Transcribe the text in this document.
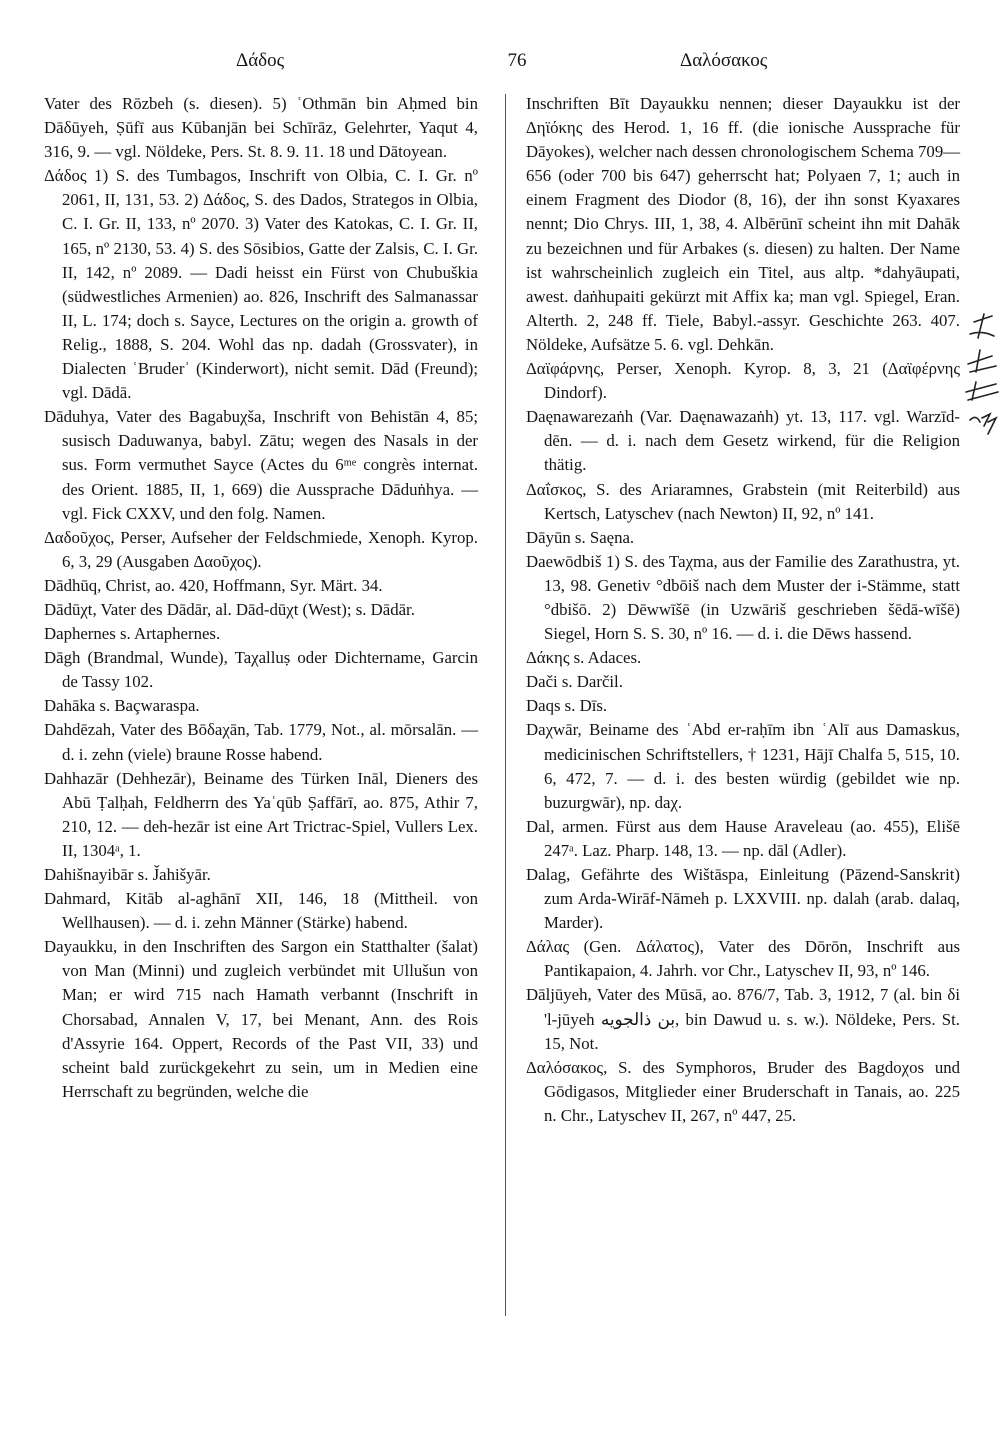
Δάδος	76	Δαλόσακος

Vater des Rōzbeh (s. diesen). 5) ʿOthmān bin Aḥmed bin Dāδūyeh, Ṣūfī aus Kūbanjān bei Schīrāz, Gelehrter, Yaqut 4, 316, 9. — vgl. Nöldeke, Pers. St. 8. 9. 11. 18 und Dātoyean.

Δάδος 1) S. des Tumbagos, Inschrift von Olbia, C. I. Gr. nº 2061, II, 131, 53. 2) Δάδος, S. des Dados, Strategos in Olbia, C. I. Gr. II, 133, nº 2070. 3) Vater des Katokas, C. I. Gr. II, 165, nº 2130, 53. 4) S. des Sōsibios, Gatte der Zalsis, C. I. Gr. II, 142, nº 2089. — Dadi heisst ein Fürst von Chubuškia (südwestliches Armenien) ao. 826, Inschrift des Salmanassar II, L. 174; doch s. Sayce, Lectures on the origin a. growth of Relig., 1888, S. 204. Wohl das np. dadah (Grossvater), in Dialecten ʿBruderʾ (Kinderwort), nicht semit. Dād (Freund); vgl. Dādā.

Dāduhya, Vater des Bagabuχša, Inschrift von Behistān 4, 85; susisch Daduwanya, babyl. Zātu; wegen des Nasals in der sus. Form vermuthet Sayce (Actes du 6ᵐᵉ congrès internat. des Orient. 1885, II, 1, 669) die Aussprache Dāduṅhya. — vgl. Fick CXXV, und den folg. Namen.

Δαδοῦχος, Perser, Aufseher der Feldschmiede, Xenoph. Kyrop. 6, 3, 29 (Ausgaben Δαοῦχος).

Dādhūq, Christ, ao. 420, Hoffmann, Syr. Märt. 34.

Dādūχt, Vater des Dādār, al. Dād-dūχt (West); s. Dādār.

Daphernes s. Artaphernes.

Dāgh (Brandmal, Wunde), Taχalluṣ oder Dichtername, Garcin de Tassy 102.

Dahāka s. Baçwaraspa.

Dahdēzah, Vater des Bōδaχān, Tab. 1779, Not., al. mōrsalān. — d. i. zehn (viele) braune Rosse habend.

Dahhazār (Dehhezār), Beiname des Türken Ināl, Dieners des Abū Ṭalḥah, Feldherrn des Yaʿqūb Ṣaffārī, ao. 875, Athir 7, 210, 12. — deh-hezār ist eine Art Trictrac-Spiel, Vullers Lex. II, 1304ᵃ, 1.

Dahišnayibār s. J̌ahišyār.

Dahmard, Kitāb al-aghānī XII, 146, 18 (Mittheil. von Wellhausen). — d. i. zehn Männer (Stärke) habend.

Dayaukku, in den Inschriften des Sargon ein Statthalter (šalat) von Man (Minni) und zugleich verbündet mit Ullušun von Man; er wird 715 nach Hamath verbannt (Inschrift in Chorsabad, Annalen V, 17, bei Menant, Ann. des Rois d'Assyrie 164. Oppert, Records of the Past VII, 33) und scheint bald zurückgekehrt zu sein, um in Medien eine Herrschaft zu begründen, welche die

Inschriften Bīt Dayaukku nennen; dieser Dayaukku ist der Δηϊόκης des Herod. 1, 16 ff. (die ionische Aussprache für Dāyokes), welcher nach dessen chronologischem Schema 709—656 (oder 700 bis 647) geherrscht hat; Polyaen 7, 1; auch in einem Fragment des Diodor (8, 16), der ihn sonst Kyaxares nennt; Dio Chrys. III, 1, 38, 4. Albērūnī scheint ihn mit Dahāk zu bezeichnen und für Arbakes (s. diesen) zu halten. Der Name ist wahrscheinlich zugleich ein Titel, aus altp. *dahyāupati, awest. daṅhupaiti gekürzt mit Affix ka; man vgl. Spiegel, Eran. Alterth. 2, 248 ff. Tiele, Babyl.-assyr. Geschichte 263. 407. Nöldeke, Aufsätze 5. 6. vgl. Dehkān.

Δαϊφάρνης, Perser, Xenoph. Kyrop. 8, 3, 21 (Δαϊφέρνης Dindorf).

Daęnawarezaṅh (Var. Daęnawazaṅh) yt. 13, 117. vgl. Warzīd-dēn. — d. i. nach dem Gesetz wirkend, für die Religion thätig.

Δαΐσκος, S. des Ariaramnes, Grabstein (mit Reiterbild) aus Kertsch, Latyschev (nach Newton) II, 92, nº 141.

Dāyūn s. Saęna.

Daewōdbiš 1) S. des Taχma, aus der Familie des Zarathustra, yt. 13, 98. Genetiv °dbōiš nach dem Muster der i-Stämme, statt °dbišō. 2) Dēwwīšē (in Uzwāriš geschrieben šēdā-wīšē) Siegel, Horn S. S. 30, nº 16. — d. i. die Dēws hassend.

Δάκης s. Adaces.

Dači s. Darčil.

Daqs s. Dīs.

Daχwār, Beiname des ʿAbd er-raḥīm ibn ʿAlī aus Damaskus, medicinischen Schriftstellers, † 1231, Hājī Chalfa 5, 515, 10. 6, 472, 7. — d. i. des besten würdig (gebildet wie np. buzurgwār), np. daχ.

Dal, armen. Fürst aus dem Hause Araveleau (ao. 455), Elišē 247ᵃ. Laz. Pharp. 148, 13. — np. dāl (Adler).

Dalag, Gefährte des Wištāspa, Einleitung (Pāzend-Sanskrit) zum Arda-Wirāf-Nāmeh p. LXXVIII. np. dalah (arab. dalaq, Marder).

Δάλας (Gen. Δάλατος), Vater des Dōrōn, Inschrift aus Pantikapaion, 4. Jahrh. vor Chr., Latyschev II, 93, nº 146.

Dāljūyeh, Vater des Mūsā, ao. 876/7, Tab. 3, 1912, 7 (al. bin δi 'l-jūyeh بن ذالجويه, bin Dawud u. s. w.). Nöldeke, Pers. St. 15, Not.

Δαλόσακος, S. des Symphoros, Bruder des Bagdoχos und Gōdigasos, Mitglieder einer Bruderschaft in Tanais, ao. 225 n. Chr., Latyschev II, 267, nº 447, 25.
